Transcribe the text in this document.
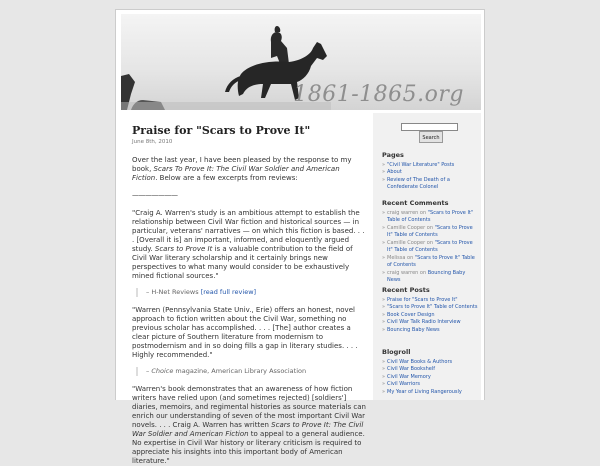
1861-1865.org
Praise for "Scars to Prove It"
June 8th, 2010

Over the last year, I have been pleased by the response to my book, Scars To Prove It: The Civil War Soldier and American Fiction. Below are a few excerpts from reviews:

———————

"Craig A. Warren's study is an ambitious attempt to establish the relationship between Civil War fiction and historical sources — in particular, veterans' narratives — on which this fiction is based. . . . [Overall it is] an important, informed, and eloquently argued study. Scars to Prove It is a valuable contribution to the field of Civil War literary scholarship and it certainly brings new perspectives to what many would consider to be exhaustively mined fictional sources."

– H-Net Reviews [read full review]

"Warren (Pennsylvania State Univ., Erie) offers an honest, novel approach to fiction written about the Civil War, something no previous scholar has accomplished. . . . [The] author creates a clear picture of Southern literature from modernism to postmodernism and in so doing fills a gap in literary studies. . . . Highly recommended."

– Choice magazine, American Library Association

"Warren's book demonstrates that an awareness of how fiction writers have relied upon (and sometimes rejected) [soldiers'] diaries, memoirs, and regimental histories as source materials can enrich our understanding of seven of the most important Civil War novels. . . . Craig A. Warren has written Scars to Prove It: The Civil War Soldier and American Fiction to appeal to a general audience. No expertise in Civil War history or literary criticism is required to appreciate his insights into this important body of American literature."

Search
Pages
» "Civil War Literature" Posts
» About
» Review of The Death of a Confederate Colonel
Recent Comments
» craig warren on "Scars to Prove It" Table of Contents
» Camille Cooper on "Scars to Prove It" Table of Contents
» Camille Cooper on "Scars to Prove It" Table of Contents
» Melissa on "Scars to Prove It" Table of Contents
» craig warren on Bouncing Baby News
Recent Posts
» Praise for "Scars to Prove It"
» "Scars to Prove It" Table of Contents
» Book Cover Design
» Civil War Talk Radio Interview
» Bouncing Baby News
Blogroll
» Civil War Books & Authors
» Civil War Bookshelf
» Civil War Memory
» Civil Warriors
» My Year of Living Rangerously
